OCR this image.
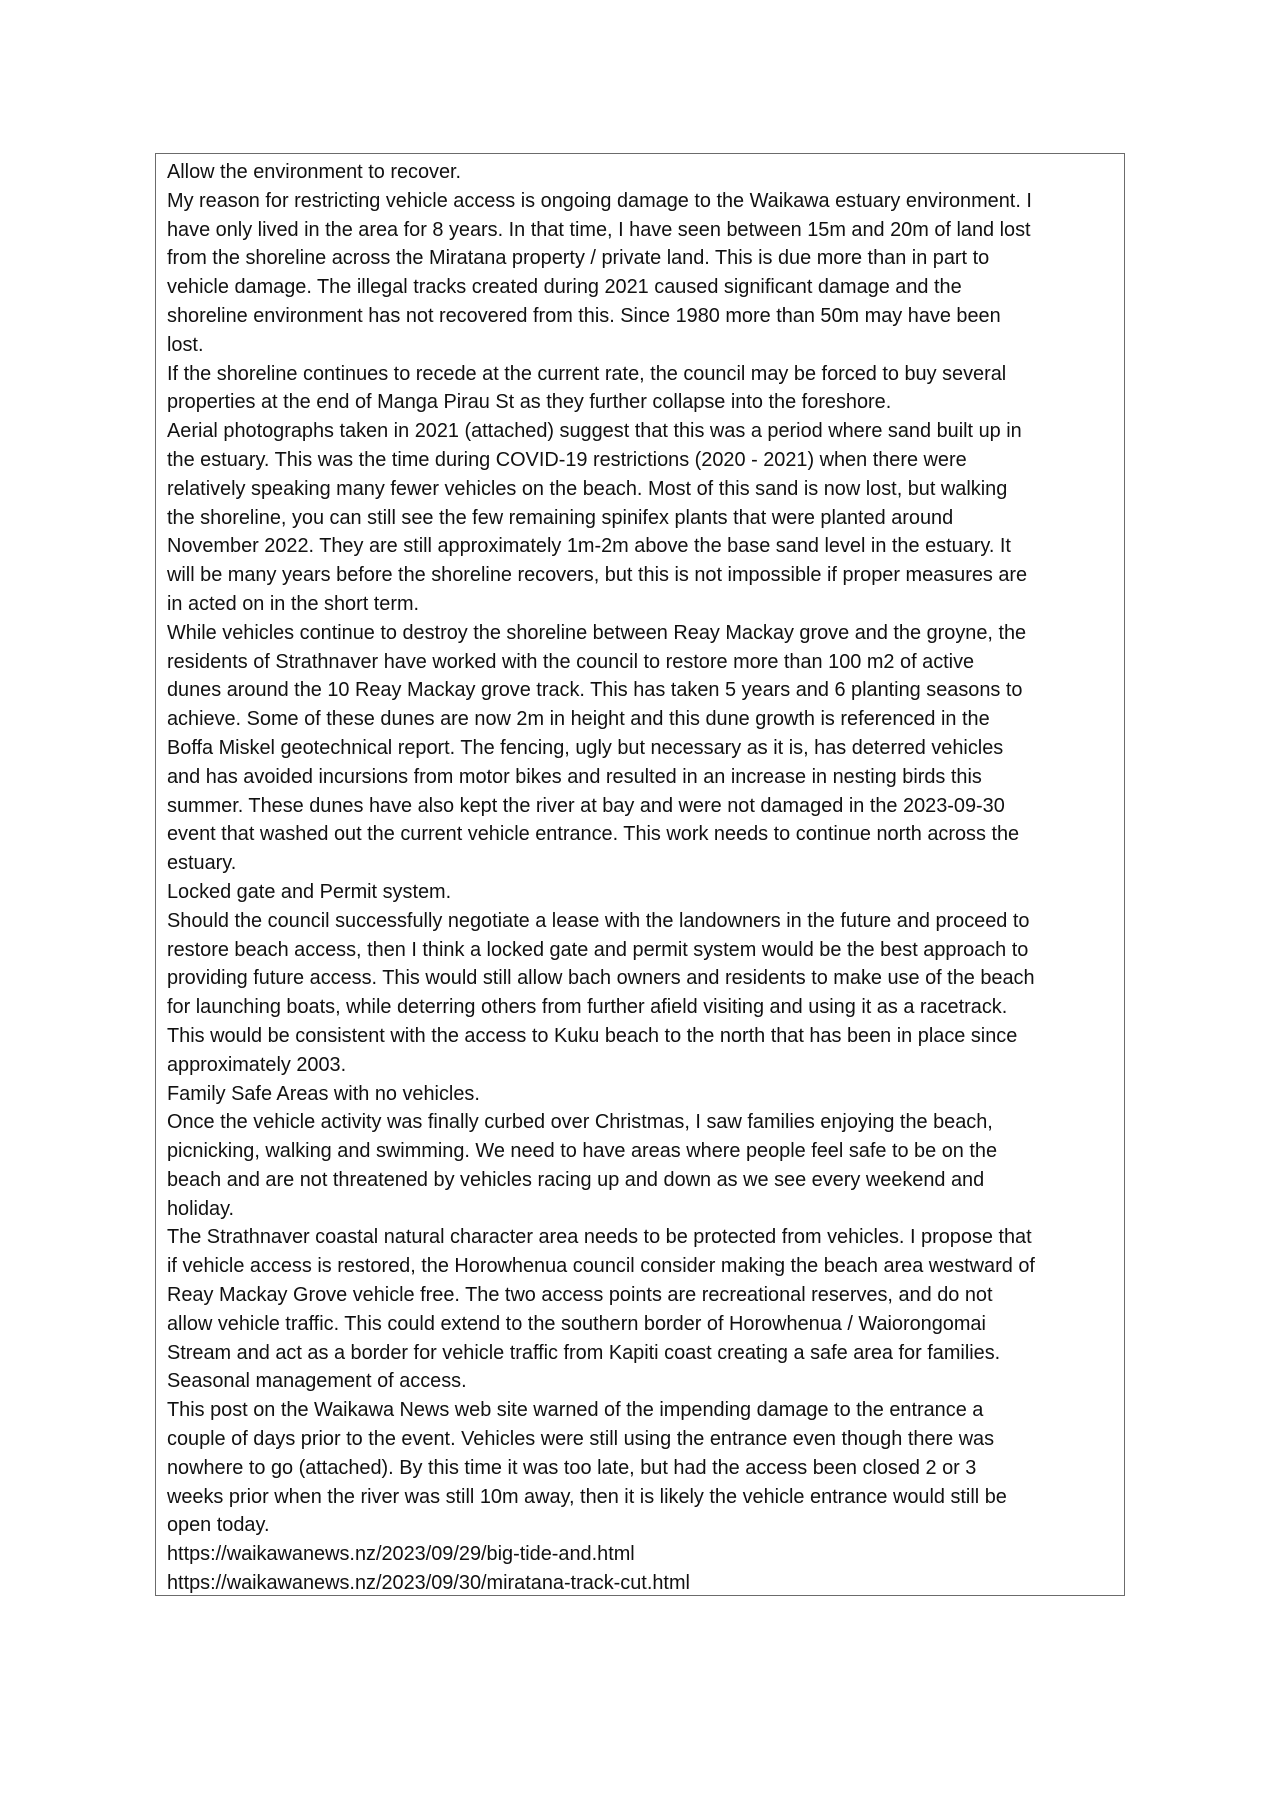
Allow the environment to recover.
My reason for restricting vehicle access is ongoing damage to the Waikawa estuary environment. I
have only lived in the area for 8 years. In that time, I have seen between 15m and 20m of land lost
from the shoreline across the Miratana property / private land. This is due more than in part to
vehicle damage. The illegal tracks created during 2021 caused significant damage and the
shoreline environment has not recovered from this. Since 1980 more than 50m may have been
lost.
If the shoreline continues to recede at the current rate, the council may be forced to buy several
properties at the end of Manga Pirau St as they further collapse into the foreshore.
Aerial photographs taken in 2021 (attached) suggest that this was a period where sand built up in
the estuary. This was the time during COVID-19 restrictions (2020 - 2021) when there were
relatively speaking many fewer vehicles on the beach. Most of this sand is now lost, but walking
the shoreline, you can still see the few remaining spinifex plants that were planted around
November 2022. They are still approximately 1m-2m above the base sand level in the estuary. It
will be many years before the shoreline recovers, but this is not impossible if proper measures are
in acted on in the short term.
While vehicles continue to destroy the shoreline between Reay Mackay grove and the groyne, the
residents of Strathnaver have worked with the council to restore more than 100 m2 of active
dunes around the 10 Reay Mackay grove track. This has taken 5 years and 6 planting seasons to
achieve. Some of these dunes are now 2m in height and this dune growth is referenced in the
Boffa Miskel geotechnical report. The fencing, ugly but necessary as it is, has deterred vehicles
and has avoided incursions from motor bikes and resulted in an increase in nesting birds this
summer. These dunes have also kept the river at bay and were not damaged in the 2023-09-30
event that washed out the current vehicle entrance. This work needs to continue north across the
estuary.
Locked gate and Permit system.
Should the council successfully negotiate a lease with the landowners in the future and proceed to
restore beach access, then I think a locked gate and permit system would be the best approach to
providing future access. This would still allow bach owners and residents to make use of the beach
for launching boats, while deterring others from further afield visiting and using it as a racetrack.
This would be consistent with the access to Kuku beach to the north that has been in place since
approximately 2003.
Family Safe Areas with no vehicles.
Once the vehicle activity was finally curbed over Christmas, I saw families enjoying the beach,
picnicking, walking and swimming. We need to have areas where people feel safe to be on the
beach and are not threatened by vehicles racing up and down as we see every weekend and
holiday.
The Strathnaver coastal natural character area needs to be protected from vehicles. I propose that
if vehicle access is restored, the Horowhenua council consider making the beach area westward of
Reay Mackay Grove vehicle free. The two access points are recreational reserves, and do not
allow vehicle traffic. This could extend to the southern border of Horowhenua / Waiorongomai
Stream and act as a border for vehicle traffic from Kapiti coast creating a safe area for families.
Seasonal management of access.
This post on the Waikawa News web site warned of the impending damage to the entrance a
couple of days prior to the event. Vehicles were still using the entrance even though there was
nowhere to go (attached). By this time it was too late, but had the access been closed 2 or 3
weeks prior when the river was still 10m away, then it is likely the vehicle entrance would still be
open today.
https://waikawanews.nz/2023/09/29/big-tide-and.html
https://waikawanews.nz/2023/09/30/miratana-track-cut.html
